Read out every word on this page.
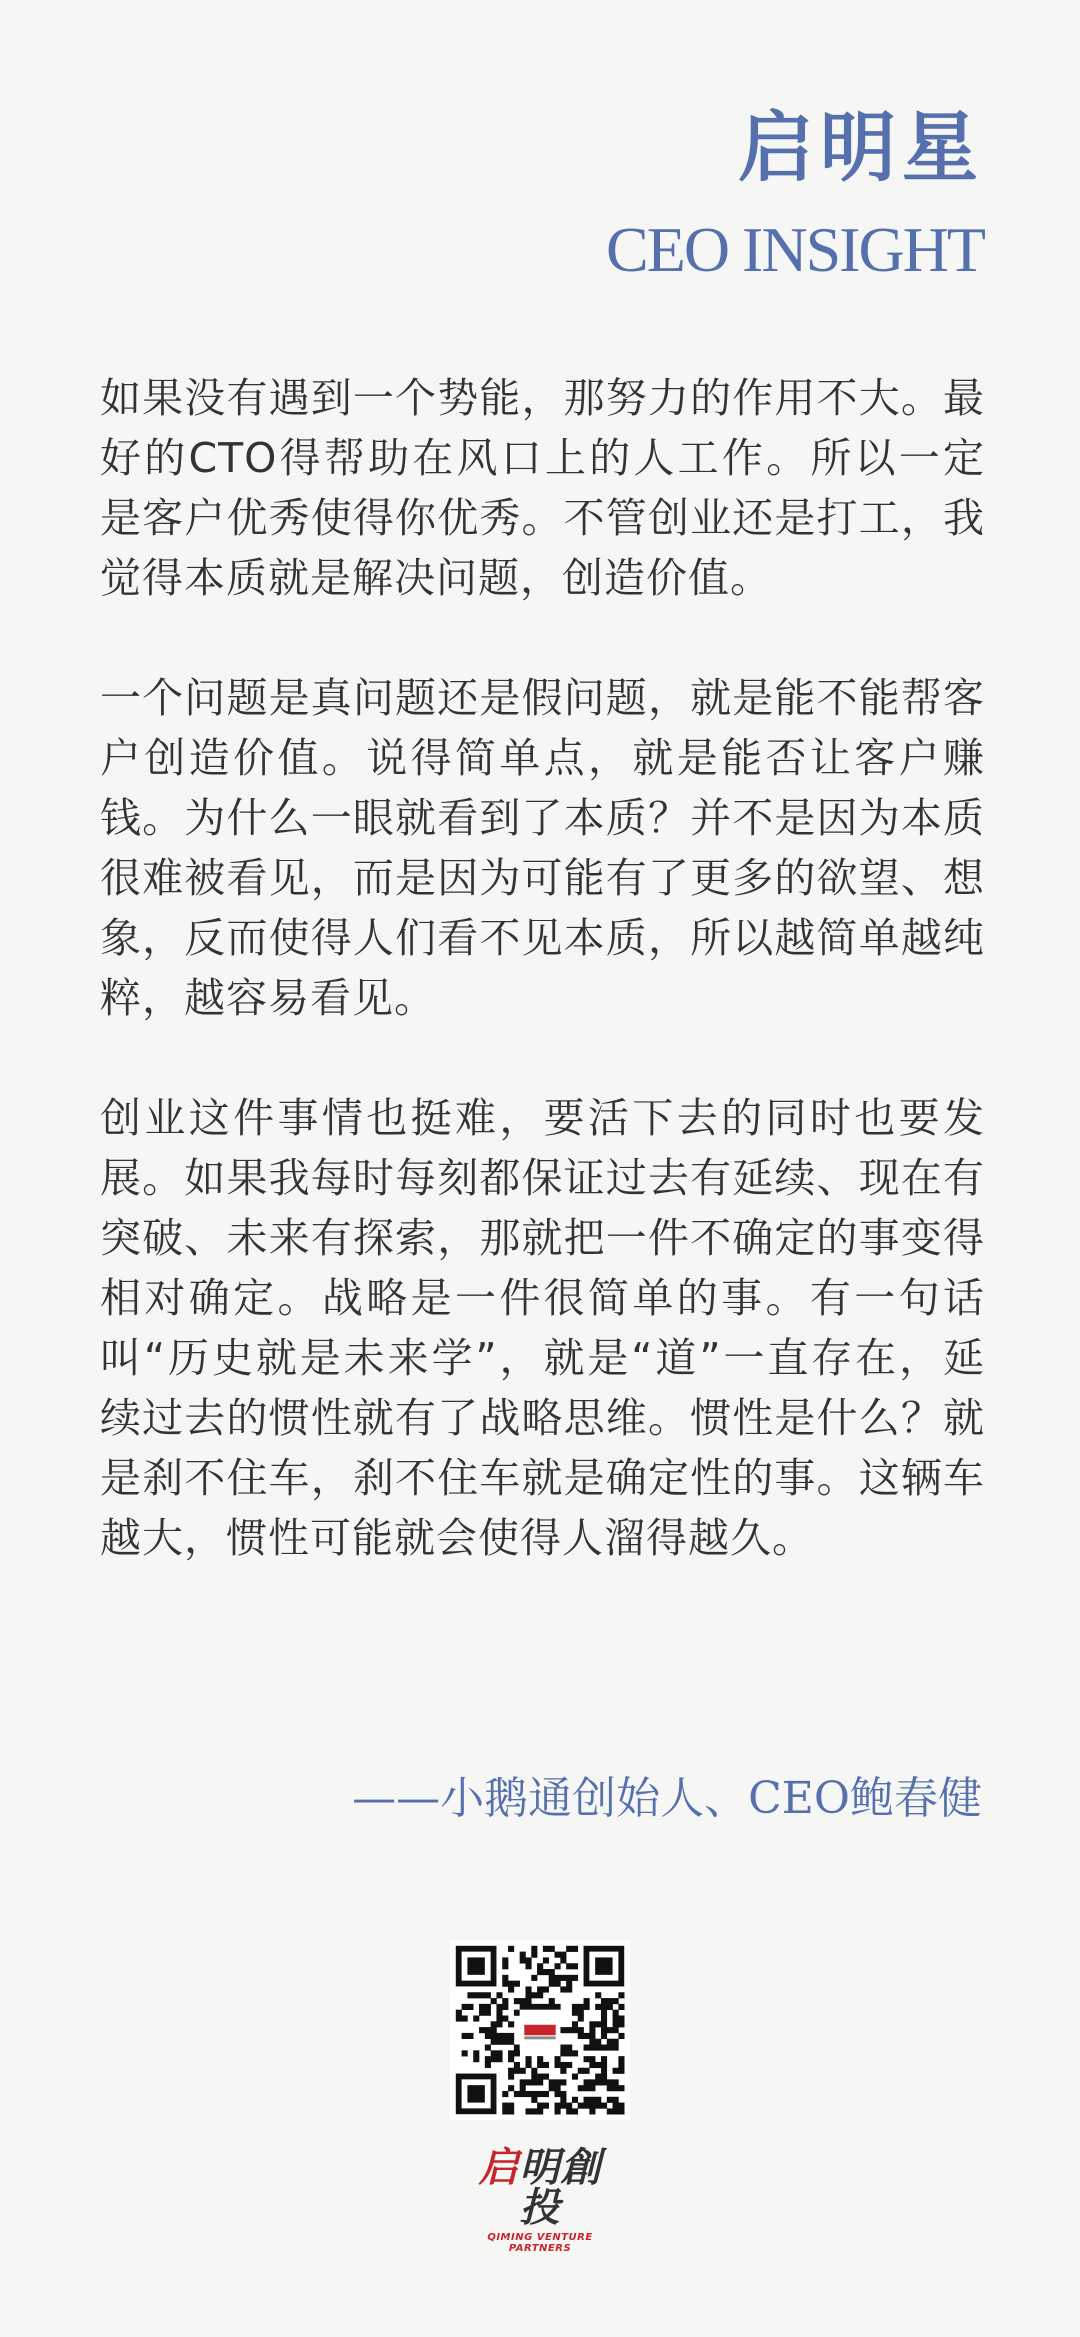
启明星
CEO INSIGHT

如果没有遇到一个势能，那努力的作用不大。最好的CTO得帮助在风口上的人工作。所以一定是客户优秀使得你优秀。不管创业还是打工，我觉得本质就是解决问题，创造价值。

一个问题是真问题还是假问题，就是能不能帮客户创造价值。说得简单点，就是能否让客户赚钱。为什么一眼就看到了本质？并不是因为本质很难被看见，而是因为可能有了更多的欲望、想象，反而使得人们看不见本质，所以越简单越纯粹，越容易看见。

创业这件事情也挺难，要活下去的同时也要发展。如果我每时每刻都保证过去有延续、现在有突破、未来有探索，那就把一件不确定的事变得相对确定。战略是一件很简单的事。有一句话叫“历史就是未来学”，就是“道”一直存在，延续过去的惯性就有了战略思维。惯性是什么？就是刹不住车，刹不住车就是确定性的事。这辆车越大，惯性可能就会使得人溜得越久。

——小鹅通创始人、CEO鲍春健
启明創投
QIMING VENTURE PARTNERS
